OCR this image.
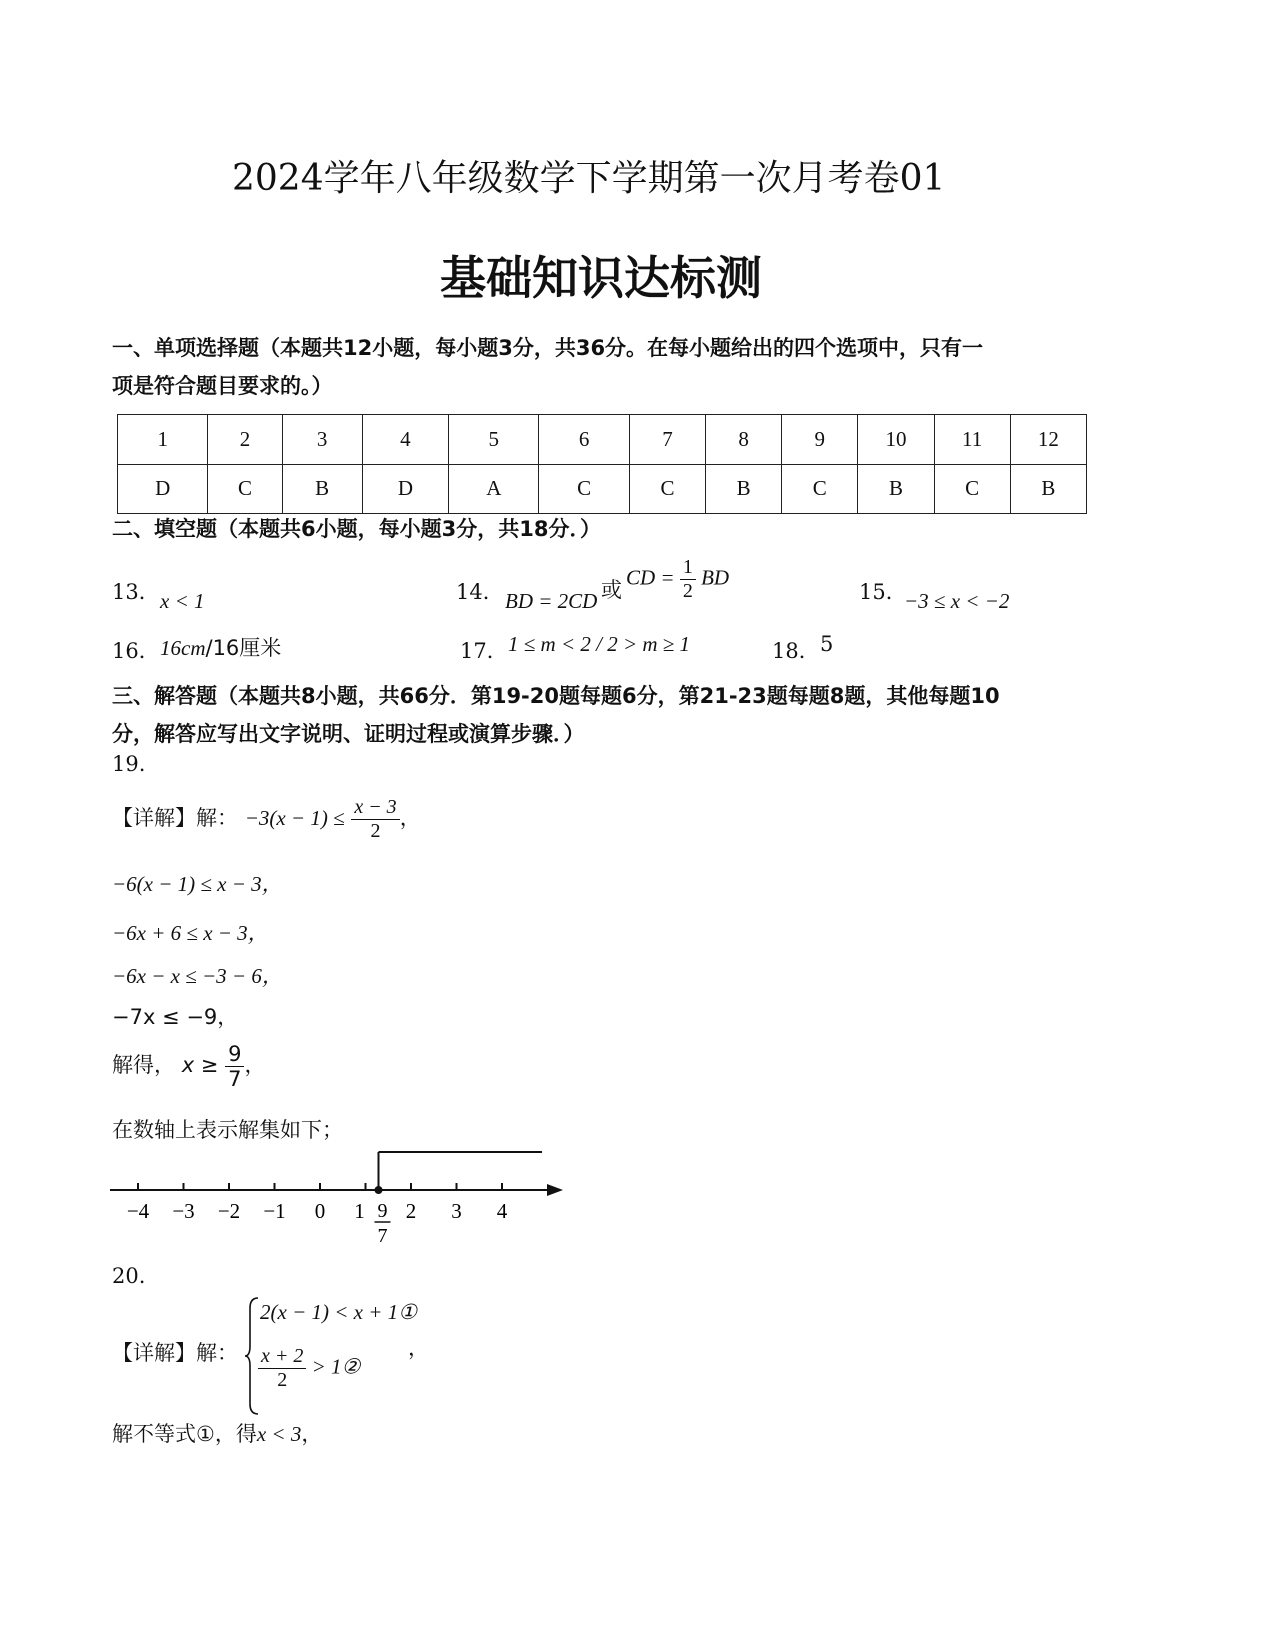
2024学年八年级数学下学期第一次月考卷01
基础知识达标测
一、单项选择题（本题共12小题，每小题3分，共36分。在每小题给出的四个选项中，只有一
项是符合题目要求的。）
1	2	3	4	5	6	7	8	9	10	11	12
D	C	B	D	A	C	C	B	C	B	C	B
二、填空题（本题共6小题，每小题3分，共18分．）
13． x < 1	14． BD = 2CD 或
CD = $\frac{1}{2}$ BD
15．
−3 ≤ x < −2
16． 16cm/16厘米	17． 1 ≤ m < 2 / 2 > m ≥ 1	18． 5
三、解答题（本题共8小题，共66分．第19-20题每题6分，第21-23题每题8题，其他每题10
分，解答应写出文字说明、证明过程或演算步骤．）
19.
【详解】解： $-3(x - 1) \le \frac{x - 3}{2}$ ，
−6(x − 1) ≤ x − 3，
−6x + 6 ≤ x − 3，
−6x − x ≤ −3 − 6，
−7x ≤ −9，
解得， $x \ge \frac{9}{7}$ ，
在数轴上表示解集如下；
−4 −3 −2 −1 0 1 2 3 4
9
7
20.
【详解】解：
2(x − 1) < x + 1①
$\frac{x + 2}{2}$ > 1②
，
解不等式①，得x < 3，
